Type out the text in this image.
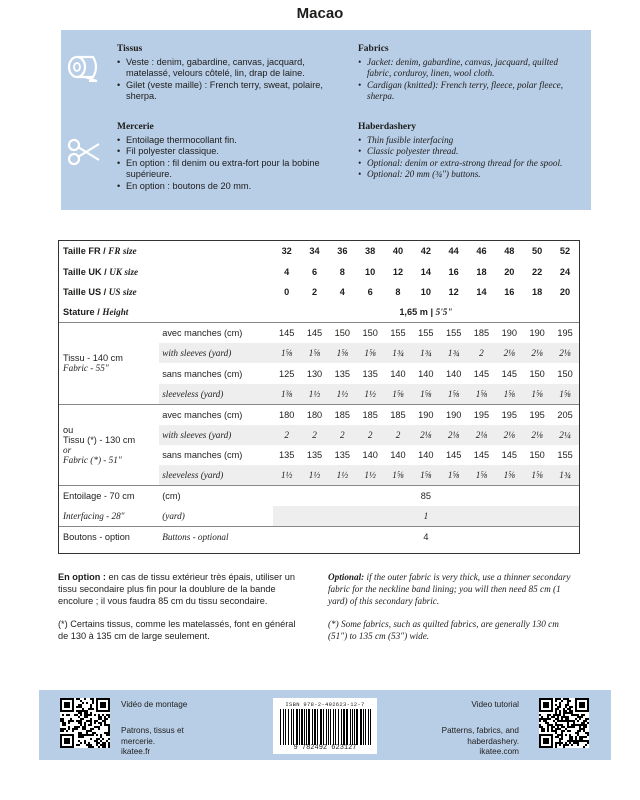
Macao
Tissus
• Veste : denim, gabardine, canvas, jacquard, matelassé, velours côtelé, lin, drap de laine.
• Gilet (veste maille) : French terry, sweat, polaire, sherpa.
Fabrics
• Jacket: denim, gabardine, canvas, jacquard, quilted fabric, corduroy, linen, wool cloth.
• Cardigan (knitted): French terry, fleece, polar fleece, sherpa.
Mercerie
• Entoilage thermocollant fin.
• Fil polyester classique.
• En option : fil denim ou extra-fort pour la bobine supérieure.
• En option : boutons de 20 mm.
Haberdashery
• Thin fusible interfacing
• Classic polyester thread.
• Optional: denim or extra-strong thread for the spool.
• Optional: 20 mm (¾") buttons.
Taille FR / FR size		32	34	36	38	40	42	44	46	48	50	52
Taille UK / UK size		4	6	8	10	12	14	16	18	20	22	24
Taille US / US size		0	2	4	6	8	10	12	14	16	18	20
Stature / Height		1,65 m | 5'5"										

Tissu - 140 cm
Fabric - 55"	avec manches (cm)	145	145	150	150	155	155	155	185	190	190	195
	with sleeves (yard)	1⅝	1⅝	1⅝	1⅝	1¾	1¾	1¾	2	2⅛	2⅛	2⅛
	sans manches (cm)	125	130	135	135	140	140	140	145	145	150	150
	sleeveless (yard)	1⅜	1½	1½	1½	1⅝	1⅝	1⅝	1⅝	1⅝	1⅝	1⅝

ou
Tissu (*) - 130 cm
or
Fabric (*) - 51"	avec manches (cm)	180	180	185	185	185	190	190	195	195	195	205
	with sleeves (yard)	2	2	2	2	2	2⅛	2⅛	2⅛	2⅛	2⅛	2¼
	sans manches (cm)	135	135	135	140	140	140	145	145	145	150	155
	sleeveless (yard)	1½	1½	1½	1½	1⅝	1⅝	1⅝	1⅝	1⅝	1⅝	1¾
Entoilage - 70 cm	(cm)	85										
Interfacing - 28"	(yard)	1										
Boutons - option	Buttons - optional	4										

En option : en cas de tissu extérieur très épais, utiliser un tissu secondaire plus fin pour la doublure de la bande encolure ; il vous faudra 85 cm du tissu secondaire.

(*) Certains tissus, comme les matelassés, font en général de 130 à 135 cm de large seulement.

Optional: if the outer fabric is very thick, use a thinner secondary fabric for the neckline band lining; you will then need 85 cm (1 yard) of this secondary fabric.

(*) Some fabrics, such as quilted fabrics, are generally 130 cm (51") to 135 cm (53") wide.

Vidéo de montage
Patrons, tissus et
mercerie.
ikatee.fr
ISBN 978-2-492623-12-7
9 782492 623127
Video tutorial
Patterns, fabrics, and
haberdashery.
ikatee.com
